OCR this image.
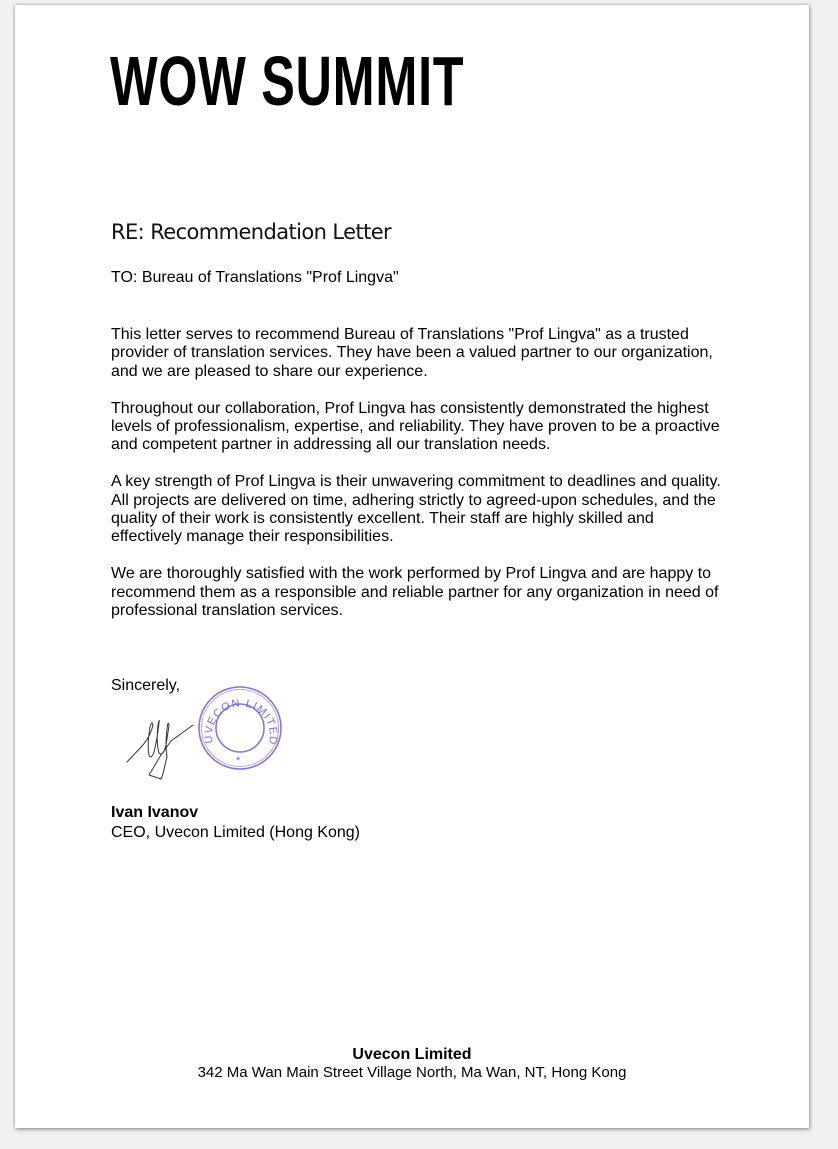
WOW SUMMIT
RE: Recommendation Letter
TO: Bureau of Translations "Prof Lingva"

This letter serves to recommend Bureau of Translations "Prof Lingva" as a trusted provider of translation services. They have been a valued partner to our organization, and we are pleased to share our experience.

Throughout our collaboration, Prof Lingva has consistently demonstrated the highest levels of professionalism, expertise, and reliability. They have proven to be a proactive and competent partner in addressing all our translation needs.

A key strength of Prof Lingva is their unwavering commitment to deadlines and quality. All projects are delivered on time, adhering strictly to agreed-upon schedules, and the quality of their work is consistently excellent. Their staff are highly skilled and effectively manage their responsibilities.

We are thoroughly satisfied with the work performed by Prof Lingva and are happy to recommend them as a responsible and reliable partner for any organization in need of professional translation services.

Sincerely,
UVECON LIMITED
*
Ivan Ivanov
CEO, Uvecon Limited (Hong Kong)
Uvecon Limited
342 Ma Wan Main Street Village North, Ma Wan, NT, Hong Kong
